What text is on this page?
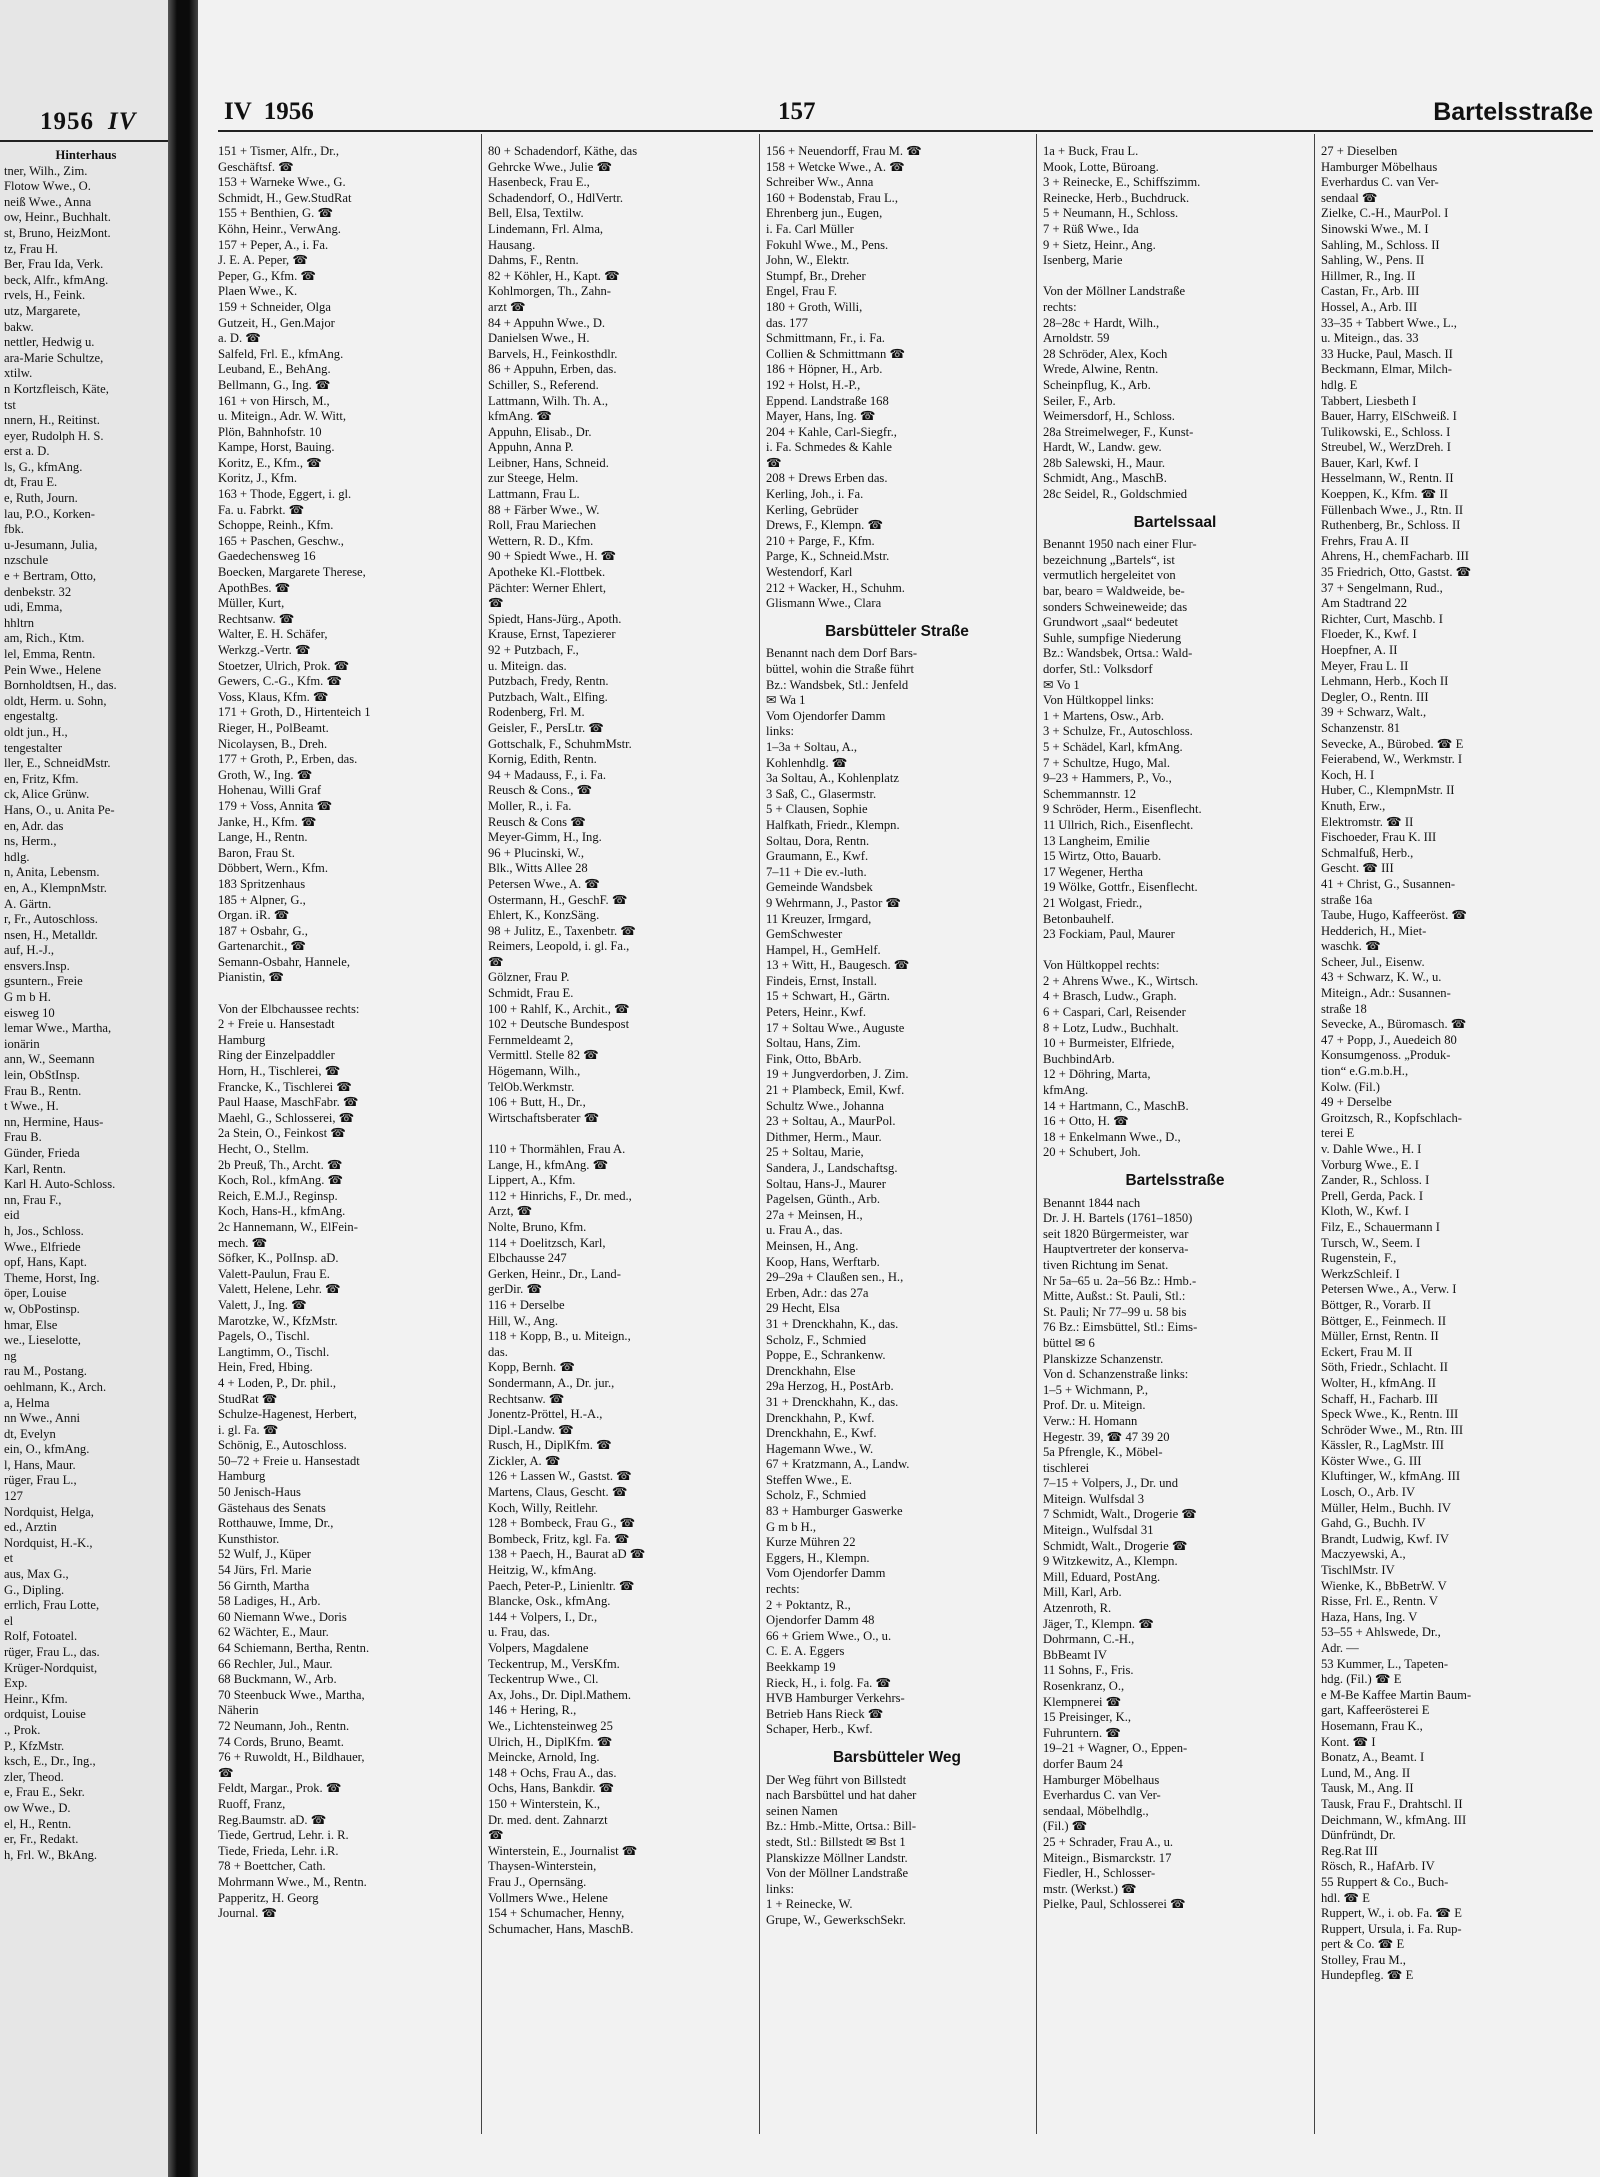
1956 IV
Hinterhaus
tner, Wilh., Zim.
Flotow Wwe., O.
neiß Wwe., Anna
ow, Heinr., Buchhalt.
st, Bruno, HeizMont.
tz, Frau H.
Ber, Frau Ida, Verk.
beck, Alfr., kfmAng.
rvels, H., Feink.
utz, Margarete,
bakw.
nettler, Hedwig u.
ara-Marie Schultze,
xtilw.
n Kortzfleisch, Käte,
tst
nnern, H., Reitinst.
eyer, Rudolph H. S.
erst a. D.
ls, G., kfmAng.
dt, Frau E.
e, Ruth, Journ.
lau, P.O., Korken-
fbk.
u-Jesumann, Julia,
nzschule
e + Bertram, Otto,
denbekstr. 32
udi, Emma,
hhltrn
am, Rich., Ktm.
lel, Emma, Rentn.
Pein Wwe., Helene
Bornholdtsen, H., das.
oldt, Herm. u. Sohn,
engestaltg.
oldt jun., H.,
tengestalter
ller, E., SchneidMstr.
en, Fritz, Kfm.
ck, Alice Grünw.
Hans, O., u. Anita Pe-
en, Adr. das
ns, Herm.,
hdlg.
n, Anita, Lebensm.
en, A., KlempnMstr.
A. Gärtn.
r, Fr., Autoschloss.
nsen, H., Metalldr.
auf, H.-J.,
ensvers.Insp.
gsuntern., Freie
G m b H.
eisweg 10
lemar Wwe., Martha,
ionärin
ann, W., Seemann
lein, ObStInsp.
Frau B., Rentn.
t Wwe., H.
nn, Hermine, Haus-
Frau B.
Günder, Frieda
Karl, Rentn.
Karl H. Auto-Schloss.
nn, Frau F.,
eid
h, Jos., Schloss.
Wwe., Elfriede
opf, Hans, Kapt.
Theme, Horst, Ing.
öper, Louise
w, ObPostinsp.
hmar, Else
we., Lieselotte,
ng
rau M., Postang.
oehlmann, K., Arch.
a, Helma
nn Wwe., Anni
dt, Evelyn
ein, O., kfmAng.
l, Hans, Maur.
rüger, Frau L.,
127
Nordquist, Helga,
ed., Arztin
Nordquist, H.-K.,
et
aus, Max G.,
G., Dipling.
errlich, Frau Lotte,
el
Rolf, Fotoatel.
rüger, Frau L., das.
Krüger-Nordquist,
Exp.
Heinr., Kfm.
ordquist, Louise
., Prok.
P., KfzMstr.
ksch, E., Dr., Ing.,
zler, Theod.
e, Frau E., Sekr.
ow Wwe., D.
el, H., Rentn.
er, Fr., Redakt.
h, Frl. W., BkAng.
IV 1956	157	Bartelsstraße
151 + Tismer, Alfr., Dr.,
Geschäftsf. ☎
153 + Warneke Wwe., G.
Schmidt, H., Gew.StudRat
155 + Benthien, G. ☎
Köhn, Heinr., VerwAng.
157 + Peper, A., i. Fa.
J. E. A. Peper, ☎
Peper, G., Kfm. ☎
Plaen Wwe., K.
159 + Schneider, Olga
Gutzeit, H., Gen.Major
a. D. ☎
Salfeld, Frl. E., kfmAng.
Leuband, E., BehAng.
Bellmann, G., Ing. ☎
161 + von Hirsch, M.,
u. Miteign., Adr. W. Witt,
Plön, Bahnhofstr. 10
Kampe, Horst, Bauing.
Koritz, E., Kfm., ☎
Koritz, J., Kfm.
163 + Thode, Eggert, i. gl.
Fa. u. Fabrkt. ☎
Schoppe, Reinh., Kfm.
165 + Paschen, Geschw.,
Gaedechensweg 16
Boecken, Margarete Therese,
ApothBes. ☎
Müller, Kurt,
Rechtsanw. ☎
Walter, E. H. Schäfer,
Werkzg.-Vertr. ☎
Stoetzer, Ulrich, Prok. ☎
Gewers, C.-G., Kfm. ☎
Voss, Klaus, Kfm. ☎
171 + Groth, D., Hirtenteich 1
Rieger, H., PolBeamt.
Nicolaysen, B., Dreh.
177 + Groth, P., Erben, das.
Groth, W., Ing. ☎
Hohenau, Willi Graf
179 + Voss, Annita ☎
Janke, H., Kfm. ☎
Lange, H., Rentn.
Baron, Frau St.
Döbbert, Wern., Kfm.
183 Spritzenhaus
185 + Alpner, G.,
Organ. iR. ☎
187 + Osbahr, G.,
Gartenarchit., ☎
Semann-Osbahr, Hannele,
Pianistin, ☎

Von der Elbchaussee rechts:
2 + Freie u. Hansestadt
Hamburg
Ring der Einzelpaddler
Horn, H., Tischlerei, ☎
Francke, K., Tischlerei ☎
Paul Haase, MaschFabr. ☎
Maehl, G., Schlosserei, ☎
2a Stein, O., Feinkost ☎
Hecht, O., Stellm.
2b Preuß, Th., Archt. ☎
Koch, Rol., kfmAng. ☎
Reich, E.M.J., Reginsp.
Koch, Hans-H., kfmAng.
2c Hannemann, W., ElFein-
mech. ☎
Söfker, K., PolInsp. aD.
Valett-Paulun, Frau E.
Valett, Helene, Lehr. ☎
Valett, J., Ing. ☎
Marotzke, W., KfzMstr.
Pagels, O., Tischl.
Langtimm, O., Tischl.
Hein, Fred, Hbing.
4 + Loden, P., Dr. phil.,
StudRat ☎
Schulze-Hagenest, Herbert,
i. gl. Fa. ☎
Schönig, E., Autoschloss.
50–72 + Freie u. Hansestadt
Hamburg
50 Jenisch-Haus
Gästehaus des Senats
Rotthauwe, Imme, Dr.,
Kunsthistor.
52 Wulf, J., Küper
54 Jürs, Frl. Marie
56 Girnth, Martha
58 Ladiges, H., Arb.
60 Niemann Wwe., Doris
62 Wächter, E., Maur.
64 Schiemann, Bertha, Rentn.
66 Rechler, Jul., Maur.
68 Buckmann, W., Arb.
70 Steenbuck Wwe., Martha,
Näherin
72 Neumann, Joh., Rentn.
74 Cords, Bruno, Beamt.
76 + Ruwoldt, H., Bildhauer,
☎
Feldt, Margar., Prok. ☎
Ruoff, Franz,
Reg.Baumstr. aD. ☎
Tiede, Gertrud, Lehr. i. R.
Tiede, Frieda, Lehr. i.R.
78 + Boettcher, Cath.
Mohrmann Wwe., M., Rentn.
Papperitz, H. Georg
Journal. ☎
80 + Schadendorf, Käthe, das
Gehrcke Wwe., Julie ☎
Hasenbeck, Frau E.,
Schadendorf, O., HdlVertr.
Bell, Elsa, Textilw.
Lindemann, Frl. Alma,
Hausang.
Dahms, F., Rentn.
82 + Köhler, H., Kapt. ☎
Kohlmorgen, Th., Zahn-
arzt ☎
84 + Appuhn Wwe., D.
Danielsen Wwe., H.
Barvels, H., Feinkosthdlr.
86 + Appuhn, Erben, das.
Schiller, S., Referend.
Lattmann, Wilh. Th. A.,
kfmAng. ☎
Appuhn, Elisab., Dr.
Appuhn, Anna P.
Leibner, Hans, Schneid.
zur Steege, Helm.
Lattmann, Frau L.
88 + Färber Wwe., W.
Roll, Frau Mariechen
Wettern, R. D., Kfm.
90 + Spiedt Wwe., H. ☎
Apotheke Kl.-Flottbek.
Pächter: Werner Ehlert,
☎
Spiedt, Hans-Jürg., Apoth.
Krause, Ernst, Tapezierer
92 + Putzbach, F.,
u. Miteign. das.
Putzbach, Fredy, Rentn.
Putzbach, Walt., Elfing.
Rodenberg, Frl. M.
Geisler, F., PersLtr. ☎
Gottschalk, F., SchuhmMstr.
Kornig, Edith, Rentn.
94 + Madauss, F., i. Fa.
Reusch & Cons., ☎
Moller, R., i. Fa.
Reusch & Cons ☎
Meyer-Gimm, H., Ing.
96 + Plucinski, W.,
Blk., Witts Allee 28
Petersen Wwe., A. ☎
Ostermann, H., GeschF. ☎
Ehlert, K., KonzSäng.
98 + Julitz, E., Taxenbetr. ☎
Reimers, Leopold, i. gl. Fa.,
☎
Gölzner, Frau P.
Schmidt, Frau E.
100 + Rahlf, K., Archit., ☎
102 + Deutsche Bundespost
Fernmeldeamt 2,
Vermittl. Stelle 82 ☎
Högemann, Wilh.,
TelOb.Werkmstr.
106 + Butt, H., Dr.,
Wirtschaftsberater ☎

110 + Thormählen, Frau A.
Lange, H., kfmAng. ☎
Lippert, A., Kfm.
112 + Hinrichs, F., Dr. med.,
Arzt, ☎
Nolte, Bruno, Kfm.
114 + Doelitzsch, Karl,
Elbchausse 247
Gerken, Heinr., Dr., Land-
gerDir. ☎
116 + Derselbe
Hill, W., Ang.
118 + Kopp, B., u. Miteign.,
das.
Kopp, Bernh. ☎
Sondermann, A., Dr. jur.,
Rechtsanw. ☎
Jonentz-Pröttel, H.-A.,
Dipl.-Landw. ☎
Rusch, H., DiplKfm. ☎
Zickler, A. ☎
126 + Lassen W., Gastst. ☎
Martens, Claus, Gescht. ☎
Koch, Willy, Reitlehr.
128 + Bombeck, Frau G., ☎
Bombeck, Fritz, kgl. Fa. ☎
138 + Paech, H., Baurat aD ☎
Heitzig, W., kfmAng.
Paech, Peter-P., Linienltr. ☎
Blancke, Osk., kfmAng.
144 + Volpers, I., Dr.,
u. Frau, das.
Volpers, Magdalene
Teckentrup, M., VersKfm.
Teckentrup Wwe., Cl.
Ax, Johs., Dr. Dipl.Mathem.
146 + Hering, R.,
We., Lichtensteinweg 25
Ulrich, H., DiplKfm. ☎
Meincke, Arnold, Ing.
148 + Ochs, Frau A., das.
Ochs, Hans, Bankdir. ☎
150 + Winterstein, K.,
Dr. med. dent. Zahnarzt
☎
Winterstein, E., Journalist ☎
Thaysen-Winterstein,
Frau J., Opernsäng.
Vollmers Wwe., Helene
154 + Schumacher, Henny,
Schumacher, Hans, MaschB.
156 + Neuendorff, Frau M. ☎
158 + Wetcke Wwe., A. ☎
Schreiber Ww., Anna
160 + Bodenstab, Frau L.,
Ehrenberg jun., Eugen,
i. Fa. Carl Müller
Fokuhl Wwe., M., Pens.
John, W., Elektr.
Stumpf, Br., Dreher
Engel, Frau F.
180 + Groth, Willi,
das. 177
Schmittmann, Fr., i. Fa.
Collien & Schmittmann ☎
186 + Höpner, H., Arb.
192 + Holst, H.-P.,
Eppend. Landstraße 168
Mayer, Hans, Ing. ☎
204 + Kahle, Carl-Siegfr.,
i. Fa. Schmedes & Kahle
☎
208 + Drews Erben das.
Kerling, Joh., i. Fa.
Kerling, Gebrüder
Drews, F., Klempn. ☎
210 + Parge, F., Kfm.
Parge, K., Schneid.Mstr.
Westendorf, Karl
212 + Wacker, H., Schuhm.
Glismann Wwe., Clara
Barsbütteler Straße
Benannt nach dem Dorf Bars-
büttel, wohin die Straße führt
Bz.: Wandsbek, Stl.: Jenfeld
✉ Wa 1
Vom Ojendorfer Damm
links:
1–3a + Soltau, A.,
Kohlenhdlg. ☎
3a Soltau, A., Kohlenplatz
3 Saß, C., Glasermstr.
5 + Clausen, Sophie
Halfkath, Friedr., Klempn.
Soltau, Dora, Rentn.
Graumann, E., Kwf.
7–11 + Die ev.-luth.
Gemeinde Wandsbek
9 Wehrmann, J., Pastor ☎
11 Kreuzer, Irmgard,
GemSchwester
Hampel, H., GemHelf.
13 + Witt, H., Baugesch. ☎
Findeis, Ernst, Install.
15 + Schwart, H., Gärtn.
Peters, Heinr., Kwf.
17 + Soltau Wwe., Auguste
Soltau, Hans, Zim.
Fink, Otto, BbArb.
19 + Jungverdorben, J. Zim.
21 + Plambeck, Emil, Kwf.
Schultz Wwe., Johanna
23 + Soltau, A., MaurPol.
Dithmer, Herm., Maur.
25 + Soltau, Marie,
Sandera, J., Landschaftsg.
Soltau, Hans-J., Maurer
Pagelsen, Günth., Arb.
27a + Meinsen, H.,
u. Frau A., das.
Meinsen, H., Ang.
Koop, Hans, Werftarb.
29–29a + Claußen sen., H.,
Erben, Adr.: das 27a
29 Hecht, Elsa
31 + Drenckhahn, K., das.
Scholz, F., Schmied
Poppe, E., Schrankenw.
Drenckhahn, Else
29a Herzog, H., PostArb.
31 + Drenckhahn, K., das.
Drenckhahn, P., Kwf.
Drenckhahn, E., Kwf.
Hagemann Wwe., W.
67 + Kratzmann, A., Landw.
Steffen Wwe., E.
Scholz, F., Schmied
83 + Hamburger Gaswerke
G m b H.,
Kurze Mühren 22
Eggers, H., Klempn.
Vom Ojendorfer Damm
rechts:
2 + Poktantz, R.,
Ojendorfer Damm 48
66 + Griem Wwe., O., u.
C. E. A. Eggers
Beekkamp 19
Rieck, H., i. folg. Fa. ☎
HVB Hamburger Verkehrs-
Betrieb Hans Rieck ☎
Schaper, Herb., Kwf.
Barsbütteler Weg
Der Weg führt von Billstedt
nach Barsbüttel und hat daher
seinen Namen
Bz.: Hmb.-Mitte, Ortsa.: Bill-
stedt, Stl.: Billstedt ✉ Bst 1
Planskizze Möllner Landstr.
Von der Möllner Landstraße
links:
1 + Reinecke, W.
Grupe, W., GewerkschSekr.
1a + Buck, Frau L.
Mook, Lotte, Büroang.
3 + Reinecke, E., Schiffszimm.
Reinecke, Herb., Buchdruck.
5 + Neumann, H., Schloss.
7 + Rüß Wwe., Ida
9 + Sietz, Heinr., Ang.
Isenberg, Marie

Von der Möllner Landstraße
rechts:
28–28c + Hardt, Wilh.,
Arnoldstr. 59
28 Schröder, Alex, Koch
Wrede, Alwine, Rentn.
Scheinpflug, K., Arb.
Seiler, F., Arb.
Weimersdorf, H., Schloss.
28a Streimelweger, F., Kunst-
Hardt, W., Landw. gew.
28b Salewski, H., Maur.
Schmidt, Ang., MaschB.
28c Seidel, R., Goldschmied
Bartelssaal
Benannt 1950 nach einer Flur-
bezeichnung „Bartels“, ist
vermutlich hergeleitet von
bar, bearo = Waldweide, be-
sonders Schweineweide; das
Grundwort „saal“ bedeutet
Suhle, sumpfige Niederung
Bz.: Wandsbek, Ortsa.: Wald-
dorfer, Stl.: Volksdorf
✉ Vo 1
Von Hültkoppel links:
1 + Martens, Osw., Arb.
3 + Schulze, Fr., Autoschloss.
5 + Schädel, Karl, kfmAng.
7 + Schultze, Hugo, Mal.
9–23 + Hammers, P., Vo.,
Schemmannstr. 12
9 Schröder, Herm., Eisenflecht.
11 Ullrich, Rich., Eisenflecht.
13 Langheim, Emilie
15 Wirtz, Otto, Bauarb.
17 Wegener, Hertha
19 Wölke, Gottfr., Eisenflecht.
21 Wolgast, Friedr.,
Betonbauhelf.
23 Fockiam, Paul, Maurer

Von Hültkoppel rechts:
2 + Ahrens Wwe., K., Wirtsch.
4 + Brasch, Ludw., Graph.
6 + Caspari, Carl, Reisender
8 + Lotz, Ludw., Buchhalt.
10 + Burmeister, Elfriede,
BuchbindArb.
12 + Döhring, Marta,
kfmAng.
14 + Hartmann, C., MaschB.
16 + Otto, H. ☎
18 + Enkelmann Wwe., D.,
20 + Schubert, Joh.
Bartelsstraße
Benannt 1844 nach
Dr. J. H. Bartels (1761–1850)
seit 1820 Bürgermeister, war
Hauptvertreter der konserva-
tiven Richtung im Senat.
Nr 5a–65 u. 2a–56 Bz.: Hmb.-
Mitte, Außst.: St. Pauli, Stl.:
St. Pauli; Nr 77–99 u. 58 bis
76 Bz.: Eimsbüttel, Stl.: Eims-
büttel ✉ 6
Planskizze Schanzenstr.
Von d. Schanzenstraße links:
1–5 + Wichmann, P.,
Prof. Dr. u. Miteign.
Verw.: H. Homann
Hegestr. 39, ☎ 47 39 20
5a Pfrengle, K., Möbel-
tischlerei
7–15 + Volpers, J., Dr. und
Miteign. Wulfsdal 3
7 Schmidt, Walt., Drogerie ☎
Miteign., Wulfsdal 31
Schmidt, Walt., Drogerie ☎
9 Witzkewitz, A., Klempn.
Mill, Eduard, PostAng.
Mill, Karl, Arb.
Atzenroth, R.
Jäger, T., Klempn. ☎
Dohrmann, C.-H.,
BbBeamt IV
11 Sohns, F., Fris.
Rosenkranz, O.,
Klempnerei ☎
15 Preisinger, K.,
Fuhruntern. ☎
19–21 + Wagner, O., Eppen-
dorfer Baum 24
Hamburger Möbelhaus
Everhardus C. van Ver-
sendaal, Möbelhdlg.,
(Fil.) ☎
25 + Schrader, Frau A., u.
Miteign., Bismarckstr. 17
Fiedler, H., Schlosser-
mstr. (Werkst.) ☎
Pielke, Paul, Schlosserei ☎
27 + Dieselben
Hamburger Möbelhaus
Everhardus C. van Ver-
sendaal ☎
Zielke, C.-H., MaurPol. I
Sinowski Wwe., M. I
Sahling, M., Schloss. II
Sahling, W., Pens. II
Hillmer, R., Ing. II
Castan, Fr., Arb. III
Hossel, A., Arb. III
33–35 + Tabbert Wwe., L.,
u. Miteign., das. 33
33 Hucke, Paul, Masch. II
Beckmann, Elmar, Milch-
hdlg. E
Tabbert, Liesbeth I
Bauer, Harry, ElSchweiß. I
Tulikowski, E., Schloss. I
Streubel, W., WerzDreh. I
Bauer, Karl, Kwf. I
Hesselmann, W., Rentn. II
Koeppen, K., Kfm. ☎ II
Füllenbach Wwe., J., Rtn. II
Ruthenberg, Br., Schloss. II
Frehrs, Frau A. II
Ahrens, H., chemFacharb. III
35 Friedrich, Otto, Gastst. ☎
37 + Sengelmann, Rud.,
Am Stadtrand 22
Richter, Curt, Maschb. I
Floeder, K., Kwf. I
Hoepfner, A. II
Meyer, Frau L. II
Lehmann, Herb., Koch II
Degler, O., Rentn. III
39 + Schwarz, Walt.,
Schanzenstr. 81
Sevecke, A., Bürobed. ☎ E
Feierabend, W., Werkmstr. I
Koch, H. I
Huber, C., KlempnMstr. II
Knuth, Erw.,
Elektromstr. ☎ II
Fischoeder, Frau K. III
Schmalfuß, Herb.,
Gescht. ☎ III
41 + Christ, G., Susannen-
straße 16a
Taube, Hugo, Kaffeeröst. ☎
Hedderich, H., Miet-
waschk. ☎
Scheer, Jul., Eisenw.
43 + Schwarz, K. W., u.
Miteign., Adr.: Susannen-
straße 18
Sevecke, A., Büromasch. ☎
47 + Popp, J., Auedeich 80
Konsumgenoss. „Produk-
tion“ e.G.m.b.H.,
Kolw. (Fil.)
49 + Derselbe
Groitzsch, R., Kopfschlach-
terei E
v. Dahle Wwe., H. I
Vorburg Wwe., E. I
Zander, R., Schloss. I
Prell, Gerda, Pack. I
Kloth, W., Kwf. I
Filz, E., Schauermann I
Tursch, W., Seem. I
Rugenstein, F.,
WerkzSchleif. I
Petersen Wwe., A., Verw. I
Böttger, R., Vorarb. II
Böttger, E., Feinmech. II
Müller, Ernst, Rentn. II
Eckert, Frau M. II
Söth, Friedr., Schlacht. II
Wolter, H., kfmAng. II
Schaff, H., Facharb. III
Speck Wwe., K., Rentn. III
Schröder Wwe., M., Rtn. III
Kässler, R., LagMstr. III
Köster Wwe., G. III
Kluftinger, W., kfmAng. III
Losch, O., Arb. IV
Müller, Helm., Buchh. IV
Gahd, G., Buchh. IV
Brandt, Ludwig, Kwf. IV
Maczyewski, A.,
TischlMstr. IV
Wienke, K., BbBetrW. V
Risse, Frl. E., Rentn. V
Haza, Hans, Ing. V
53–55 + Ahlswede, Dr.,
Adr. —
53 Kummer, L., Tapeten-
hdg. (Fil.) ☎ E
e M-Be Kaffee Martin Baum-
gart, Kaffeerösterei E
Hosemann, Frau K.,
Kont. ☎ I
Bonatz, A., Beamt. I
Lund, M., Ang. II
Tausk, M., Ang. II
Tausk, Frau F., Drahtschl. II
Deichmann, W., kfmAng. III
Dünfründt, Dr.
Reg.Rat III
Rösch, R., HafArb. IV
55 Ruppert & Co., Buch-
hdl. ☎ E
Ruppert, W., i. ob. Fa. ☎ E
Ruppert, Ursula, i. Fa. Rup-
pert & Co. ☎ E
Stolley, Frau M.,
Hundepfleg. ☎ E
